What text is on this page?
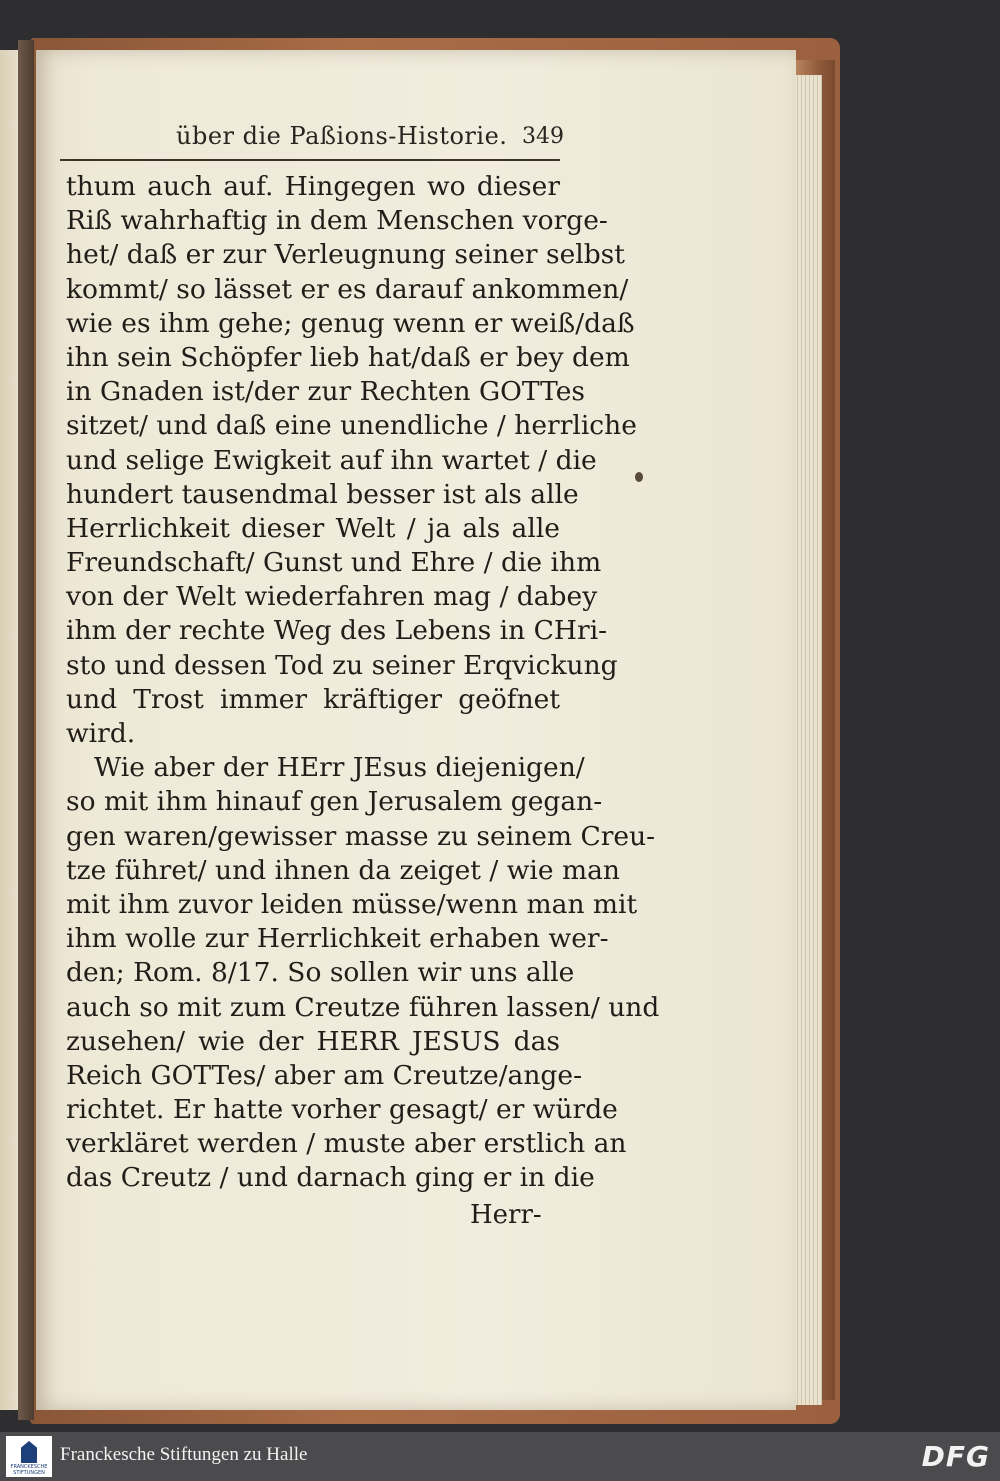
über die Paßions-Historie. 349
thum auch auf. Hingegen wo dieser
Riß wahrhaftig in dem Menschen vorge-
het/ daß er zur Verleugnung seiner selbst
kommt/ so lässet er es darauf ankommen/
wie es ihm gehe; genug wenn er weiß/daß
ihn sein Schöpfer lieb hat/daß er bey dem
in Gnaden ist/der zur Rechten GOTTes
sitzet/ und daß eine unendliche / herrliche
und selige Ewigkeit auf ihn wartet / die
hundert tausendmal besser ist als alle
Herrlichkeit dieser Welt / ja als alle
Freundschaft/ Gunst und Ehre / die ihm
von der Welt wiederfahren mag / dabey
ihm der rechte Weg des Lebens in CHri-
sto und dessen Tod zu seiner Erqvickung
und Trost immer kräftiger geöfnet
wird.
Wie aber der HErr JEsus diejenigen/
so mit ihm hinauf gen Jerusalem gegan-
gen waren/gewisser masse zu seinem Creu-
tze führet/ und ihnen da zeiget / wie man
mit ihm zuvor leiden müsse/wenn man mit
ihm wolle zur Herrlichkeit erhaben wer-
den; Rom. 8/17. So sollen wir uns alle
auch so mit zum Creutze führen lassen/ und
zusehen/ wie der HERR JESUS das
Reich GOTTes/ aber am Creutze/ange-
richtet. Er hatte vorher gesagt/ er würde
verkläret werden / muste aber erstlich an
das Creutz / und darnach ging er in die
Herr-
FRANCKESCHE STIFTUNGEN
Franckesche Stiftungen zu Halle	DFG
